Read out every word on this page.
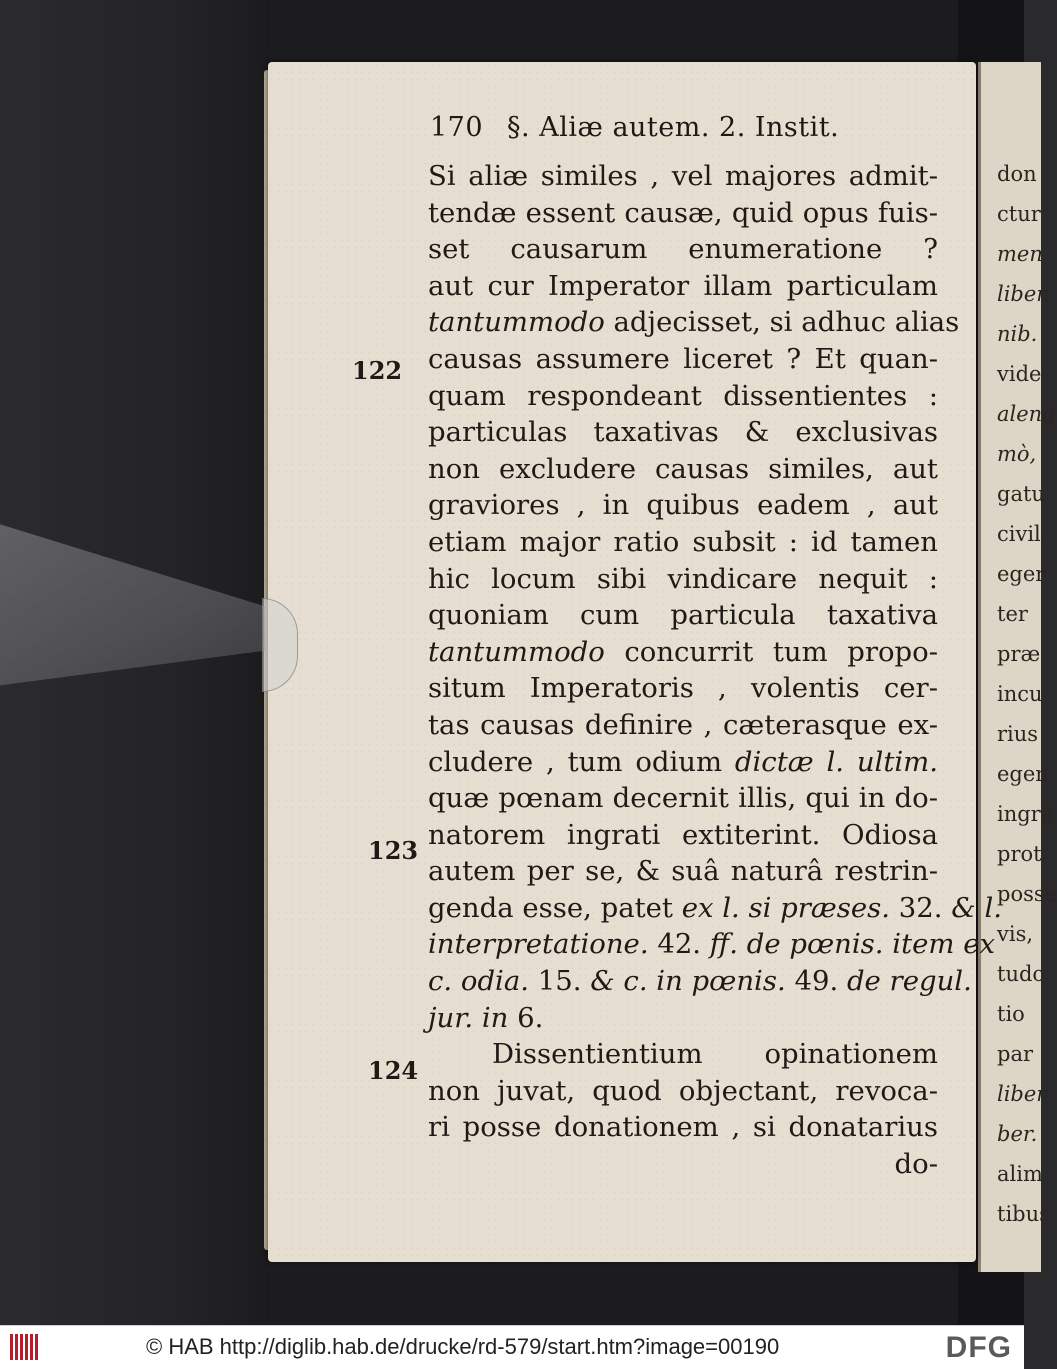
don
ctur
men
liber.
nib.
vide
alena
mò,
gatu
civil
eger
ter
præ
incu
rius
egen
ingra
prot
posse
vis,
tudo
tio
par
liber
ber.
alim
tibus
170 §. Aliæ autem. 2. Instit.
122
123
124
Si aliæ similes , vel majores admit-
tendæ essent causæ, quid opus fuis-
set causarum enumeratione ?
aut cur Imperator illam particulam
tantummodo adjecisset, si adhuc alias
causas assumere liceret ? Et quan-
quam respondeant dissentientes :
particulas taxativas & exclusivas
non excludere causas similes, aut
graviores , in quibus eadem , aut
etiam major ratio subsit : id tamen
hic locum sibi vindicare nequit :
quoniam cum particula taxativa
tantummodo concurrit tum propo-
situm Imperatoris , volentis cer-
tas causas definire , cæterasque ex-
cludere , tum odium dictæ l. ultim.
quæ pœnam decernit illis, qui in do-
natorem ingrati extiterint. Odiosa
autem per se, & suâ naturâ restrin-
genda esse, patet ex l. si præses. 32. & l.
interpretatione. 42. ff. de pœnis. item ex
c. odia. 15. & c. in pœnis. 49. de regul.
jur. in 6.
Dissentientium opinationem
non juvat, quod objectant, revoca-
ri posse donationem , si donatarius
do-
© HAB http://diglib.hab.de/drucke/rd-579/start.htm?image=00190	DFG
